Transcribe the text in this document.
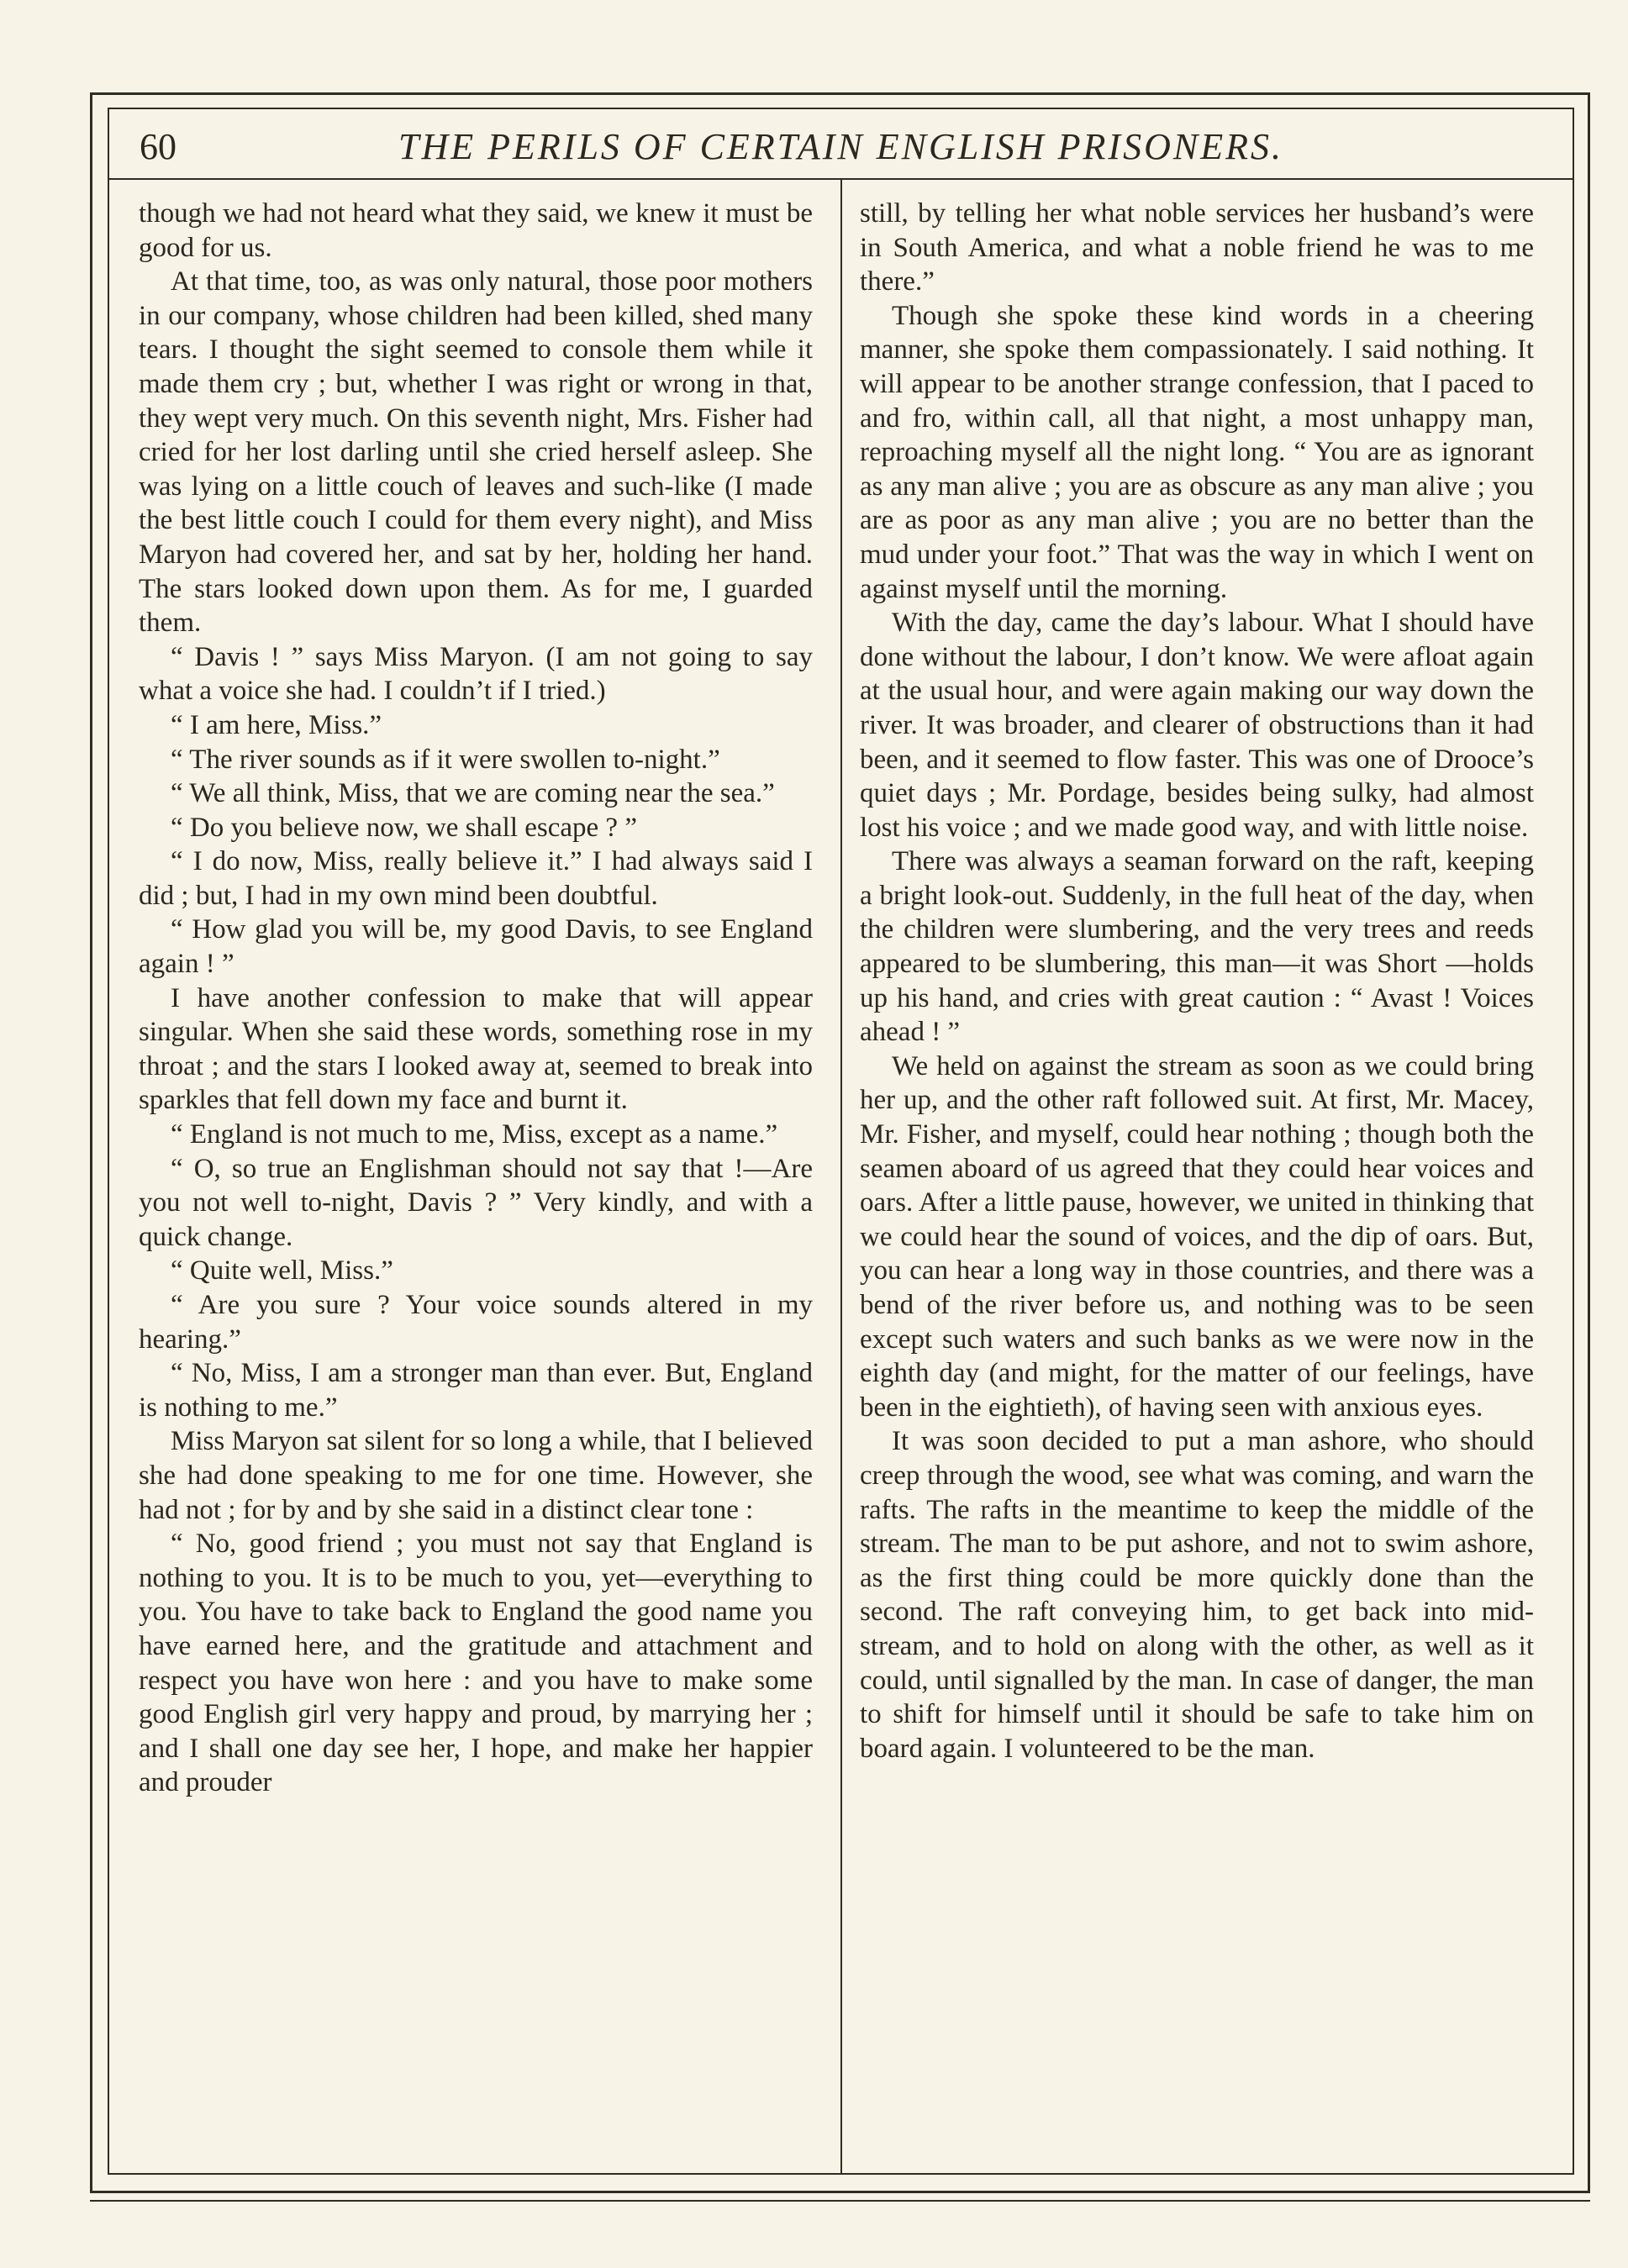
60	THE PERILS OF CERTAIN ENGLISH PRISONERS.

though we had not heard what they said, we knew it must be good for us.

At that time, too, as was only natural, those poor mothers in our company, whose children had been killed, shed many tears. I thought the sight seemed to console them while it made them cry ; but, whether I was right or wrong in that, they wept very much. On this seventh night, Mrs. Fisher had cried for her lost darling until she cried herself asleep. She was lying on a little couch of leaves and such-like (I made the best little couch I could for them every night), and Miss Maryon had covered her, and sat by her, holding her hand. The stars looked down upon them. As for me, I guarded them.

“ Davis ! ” says Miss Maryon. (I am not going to say what a voice she had. I couldn’t if I tried.)

“ I am here, Miss.”

“ The river sounds as if it were swollen to-night.”

“ We all think, Miss, that we are coming near the sea.”

“ Do you believe now, we shall escape ? ”

“ I do now, Miss, really believe it.” I had always said I did ; but, I had in my own mind been doubtful.

“ How glad you will be, my good Davis, to see England again ! ”

I have another confession to make that will appear singular. When she said these words, something rose in my throat ; and the stars I looked away at, seemed to break into sparkles that fell down my face and burnt it.

“ England is not much to me, Miss, except as a name.”

“ O, so true an Englishman should not say that !—Are you not well to-night, Davis ? ” Very kindly, and with a quick change.

“ Quite well, Miss.”

“ Are you sure ? Your voice sounds altered in my hearing.”

“ No, Miss, I am a stronger man than ever. But, England is nothing to me.”

Miss Maryon sat silent for so long a while, that I believed she had done speaking to me for one time. However, she had not ; for by and by she said in a distinct clear tone :

“ No, good friend ; you must not say that England is nothing to you. It is to be much to you, yet—everything to you. You have to take back to England the good name you have earned here, and the gratitude and attachment and respect you have won here : and you have to make some good English girl very happy and proud, by marrying her ; and I shall one day see her, I hope, and make her happier and prouder

still, by telling her what noble services her husband’s were in South America, and what a noble friend he was to me there.”

Though she spoke these kind words in a cheering manner, she spoke them compassionately. I said nothing. It will appear to be another strange confession, that I paced to and fro, within call, all that night, a most unhappy man, reproaching myself all the night long. “ You are as ignorant as any man alive ; you are as obscure as any man alive ; you are as poor as any man alive ; you are no better than the mud under your foot.” That was the way in which I went on against myself until the morning.

With the day, came the day’s labour. What I should have done without the labour, I don’t know. We were afloat again at the usual hour, and were again making our way down the river. It was broader, and clearer of obstructions than it had been, and it seemed to flow faster. This was one of Drooce’s quiet days ; Mr. Pordage, besides being sulky, had almost lost his voice ; and we made good way, and with little noise.

There was always a seaman forward on the raft, keeping a bright look-out. Suddenly, in the full heat of the day, when the children were slumbering, and the very trees and reeds appeared to be slumbering, this man—it was Short —holds up his hand, and cries with great caution : “ Avast ! Voices ahead ! ”

We held on against the stream as soon as we could bring her up, and the other raft followed suit. At first, Mr. Macey, Mr. Fisher, and myself, could hear nothing ; though both the seamen aboard of us agreed that they could hear voices and oars. After a little pause, however, we united in thinking that we could hear the sound of voices, and the dip of oars. But, you can hear a long way in those countries, and there was a bend of the river before us, and nothing was to be seen except such waters and such banks as we were now in the eighth day (and might, for the matter of our feelings, have been in the eightieth), of having seen with anxious eyes.

It was soon decided to put a man ashore, who should creep through the wood, see what was coming, and warn the rafts. The rafts in the meantime to keep the middle of the stream. The man to be put ashore, and not to swim ashore, as the first thing could be more quickly done than the second. The raft conveying him, to get back into mid-stream, and to hold on along with the other, as well as it could, until signalled by the man. In case of danger, the man to shift for himself until it should be safe to take him on board again. I volunteered to be the man.
